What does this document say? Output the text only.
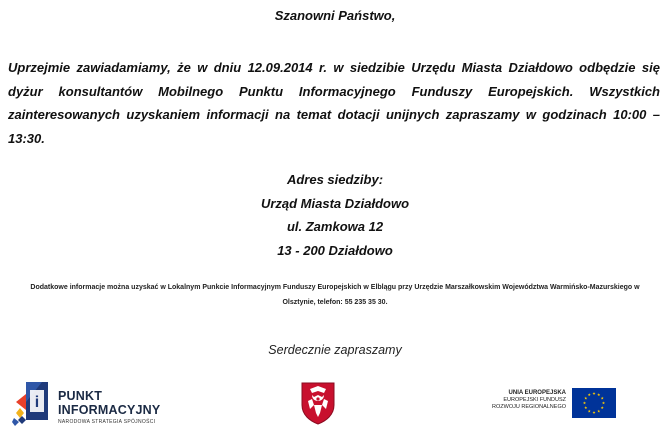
Szanowni Państwo,
Uprzejmie zawiadamiamy, że w dniu 12.09.2014 r. w siedzibie Urzędu Miasta Działdowo odbędzie się dyżur konsultantów Mobilnego Punktu Informacyjnego Funduszy Europejskich. Wszystkich zainteresowanych uzyskaniem informacji na temat dotacji unijnych zapraszamy w godzinach 10:00 – 13:30.
Adres siedziby:
Urząd Miasta Działdowo
ul. Zamkowa 12
13 - 200 Działdowo
Dodatkowe informacje można uzyskać w Lokalnym Punkcie Informacyjnym Funduszy Europejskich w Elblągu przy Urzędzie Marszałkowskim Województwa Warmińsko-Mazurskiego w
Olsztynie, telefon: 55 235 35 30.
Serdecznie zapraszamy
i PUNKT
INFORMACYJNY
NARODOWA STRATEGIA SPÓJNOŚCI
UNIA EUROPEJSKA
EUROPEJSKI FUNDUSZ
ROZWOJU REGIONALNEGO
